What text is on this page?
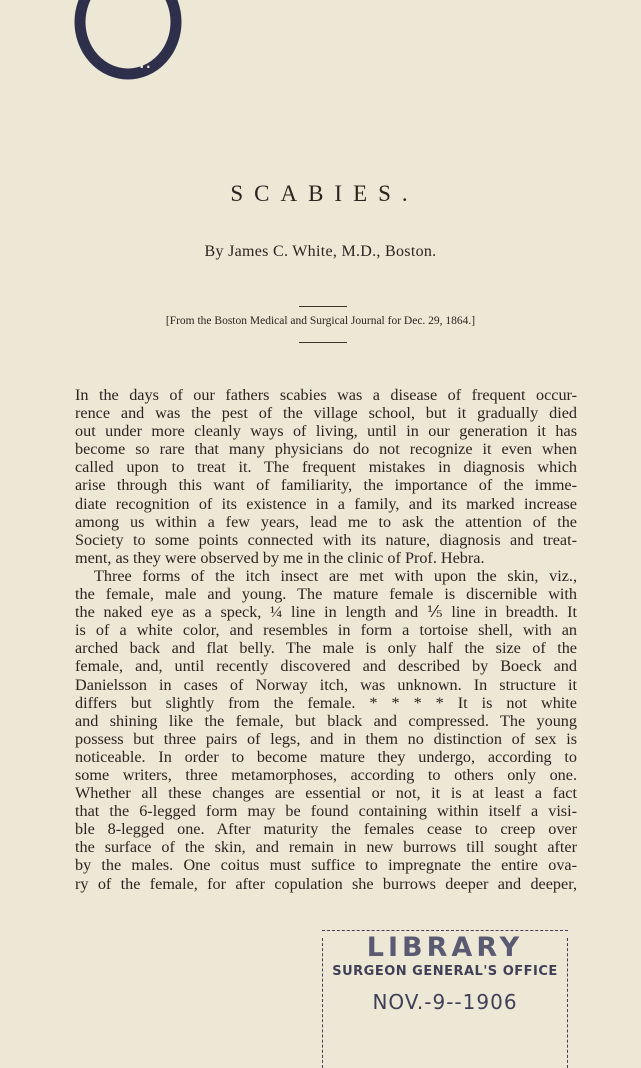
C. F.
SCABIES.
By James C. White, M.D., Boston.
[From the Boston Medical and Surgical Journal for Dec. 29, 1864.]
In the days of our fathers scabies was a disease of frequent occur-
rence and was the pest of the village school, but it gradually died
out under more cleanly ways of living, until in our generation it has
become so rare that many physicians do not recognize it even when
called upon to treat it. The frequent mistakes in diagnosis which
arise through this want of familiarity, the importance of the imme-
diate recognition of its existence in a family, and its marked increase
among us within a few years, lead me to ask the attention of the
Society to some points connected with its nature, diagnosis and treat-
ment, as they were observed by me in the clinic of Prof. Hebra.
Three forms of the itch insect are met with upon the skin, viz.,
the female, male and young. The mature female is discernible with
the naked eye as a speck, ¼ line in length and ⅕ line in breadth. It
is of a white color, and resembles in form a tortoise shell, with an
arched back and flat belly. The male is only half the size of the
female, and, until recently discovered and described by Boeck and
Danielsson in cases of Norway itch, was unknown. In structure it
differs but slightly from the female. * * * * It is not white
and shining like the female, but black and compressed. The young
possess but three pairs of legs, and in them no distinction of sex is
noticeable. In order to become mature they undergo, according to
some writers, three metamorphoses, according to others only one.
Whether all these changes are essential or not, it is at least a fact
that the 6-legged form may be found containing within itself a visi-
ble 8-legged one. After maturity the females cease to creep over
the surface of the skin, and remain in new burrows till sought after
by the males. One coitus must suffice to impregnate the entire ova-
ry of the female, for after copulation she burrows deeper and deeper,
LIBRARY
SURGEON GENERAL'S OFFICE
NOV.-9--1906
